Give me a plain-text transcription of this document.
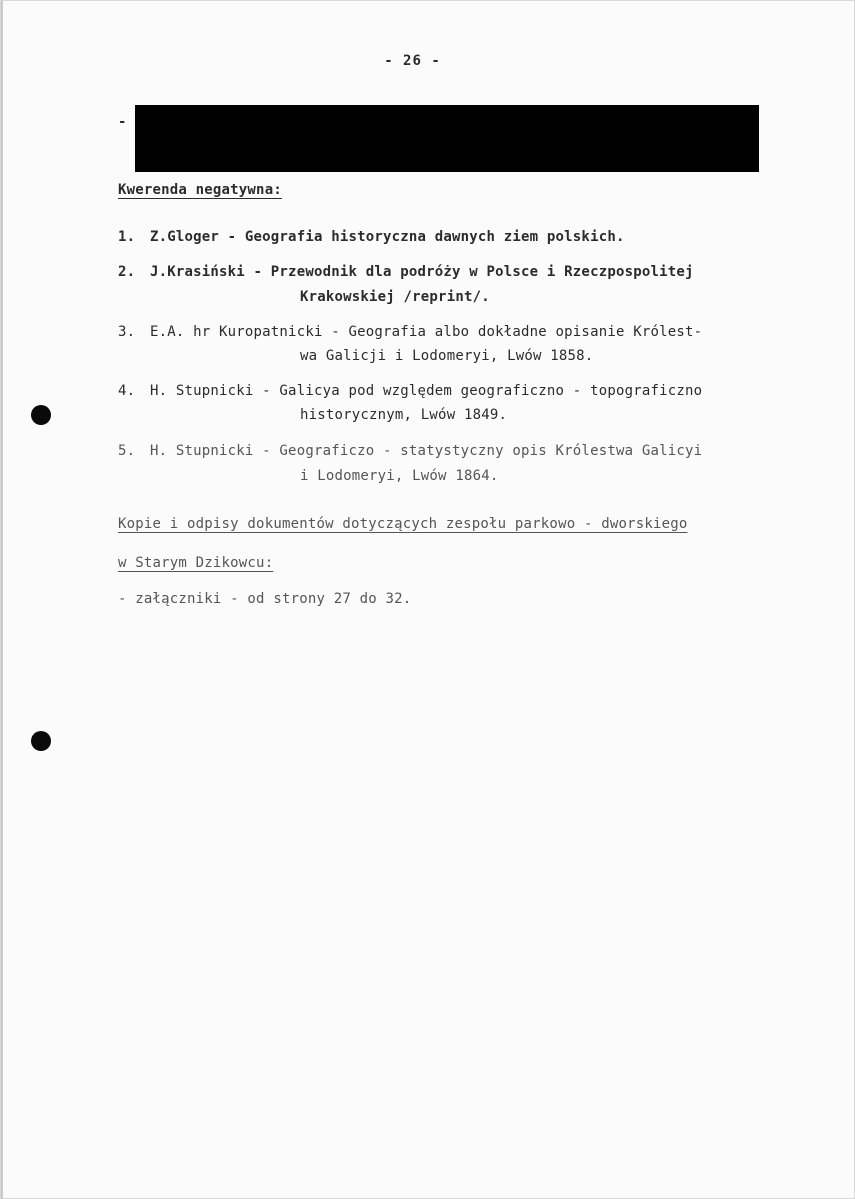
- 26 -
-
Kwerenda negatywna:
1. Z.Gloger - Geografia historyczna dawnych ziem polskich.
2. J.Krasiński - Przewodnik dla podróży w Polsce i Rzeczpospolitej
Krakowskiej /reprint/.
3. E.A. hr Kuropatnicki - Geografia albo dokładne opisanie Królest-
wa Galicji i Lodomeryi, Lwów 1858.
4. H. Stupnicki - Galicya pod względem geograficzno - topograficzno
historycznym, Lwów 1849.
5. H. Stupnicki - Geograficzo - statystyczny opis Królestwa Galicyi
i Lodomeryi, Lwów 1864.
Kopie i odpisy dokumentów dotyczących zespołu parkowo - dworskiego
w Starym Dzikowcu:
- załączniki - od strony 27 do 32.
